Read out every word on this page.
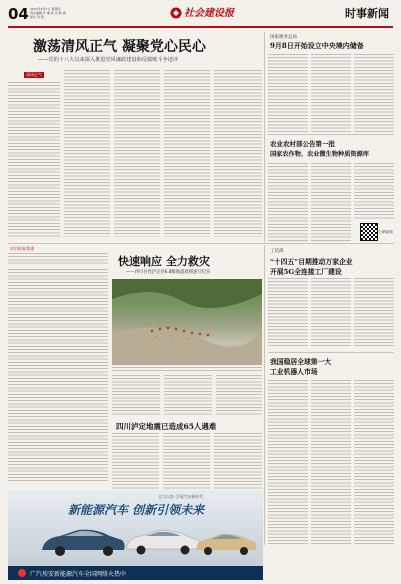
04 2023年9月7日 星期四
责任编辑 叶 楠 校 对 杨 勇
版式 肖 利	社会建设报	时事新闻
激荡清风正气 凝聚党心民心
——党的十八大以来深入推进党风廉政建设和反腐败斗争述评
清风正气
国家税务总局
9月8日开始设立中央境内储备
农业农村部公告第一批
国家农作物、农业微生物种质资源库
扫码阅读
灾后恢复重建
快速响应 全力救灾
——四川甘孜泸定县6.8级地震救援速写纪实
工信部
“十四五”目期推动万家企业
开展5G全连接工厂建设
我国稳居全球第一大
工业机器人市场
四川泸定地震已造成65人遇难
全力以赴 引领汽车新时代
新能源汽车 创新引领未来
广汽埃安新能源汽车全国网络火热中
